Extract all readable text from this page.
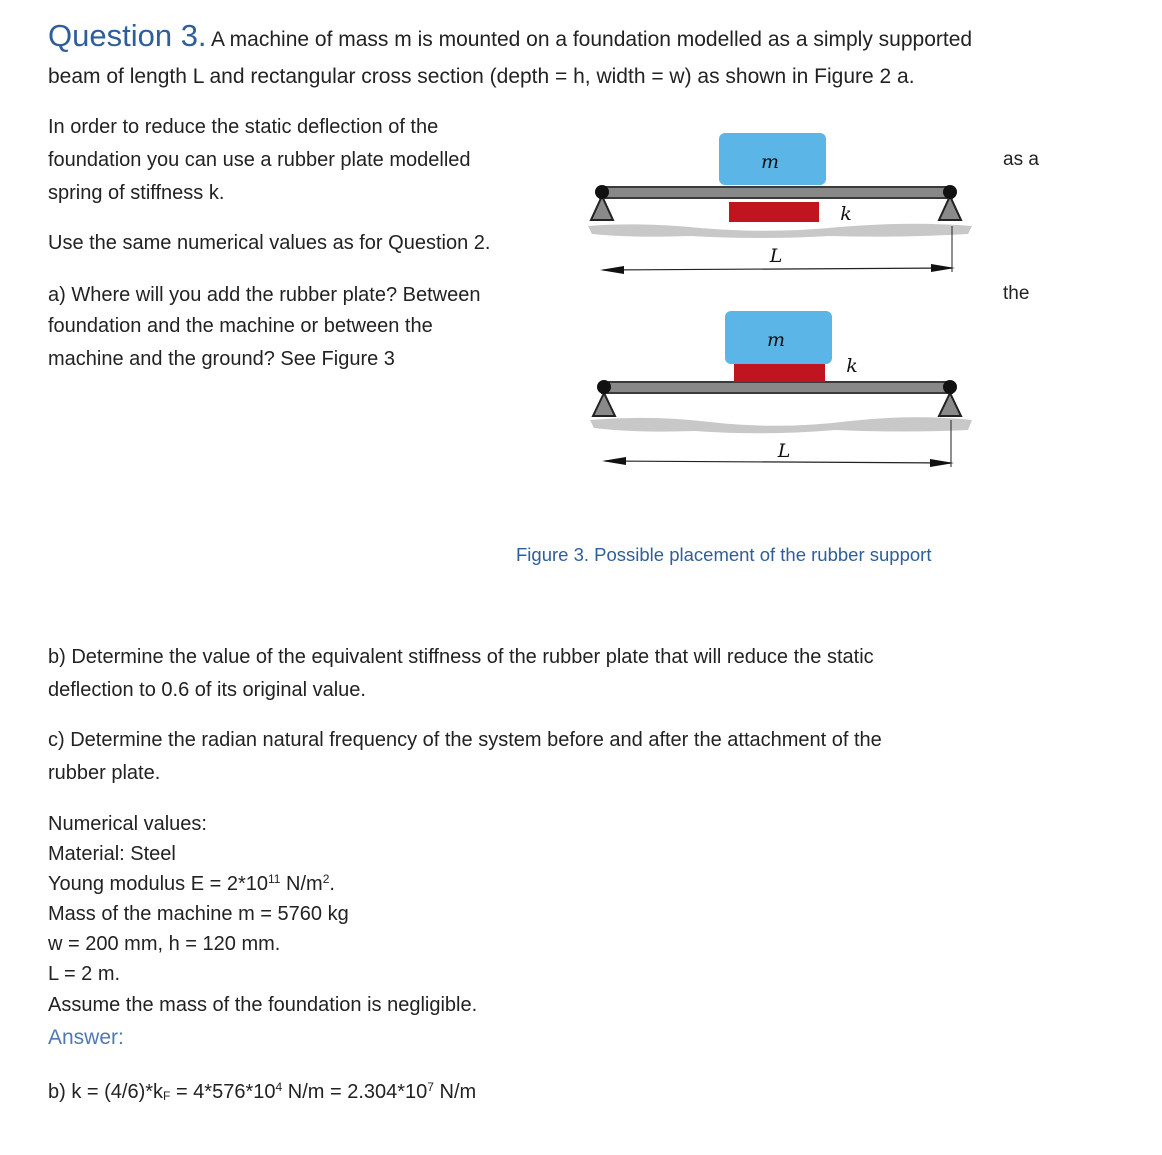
Question 3. A machine of mass m is mounted on a foundation modelled as a simply supported
beam of length L and rectangular cross section (depth = h, width = w) as shown in Figure 2 a.
In order to reduce the static deflection of the
foundation you can use a rubber plate modelled
spring of stiffness k.
as a
Use the same numerical values as for Question 2.
a) Where will you add the rubber plate? Between
foundation and the machine or between the
machine and the ground? See Figure 3
the
m
k
L
m
k
L
Figure 3. Possible placement of the rubber support
b) Determine the value of the equivalent stiffness of the rubber plate that will reduce the static
deflection to 0.6 of its original value.
c) Determine the radian natural frequency of the system before and after the attachment of the
rubber plate.
Numerical values:
Material: Steel
Young modulus $E = 2*10^{11}$ $N/m^2$.
Mass of the machine m = 5760 kg
w = 200 mm, h = 120 mm.
L = 2 m.
Assume the mass of the foundation is negligible.
Answer:
b) $k = (4/6)*k_F = 4*576*10^4$ $N/m = 2.304*10^7$ N/m
